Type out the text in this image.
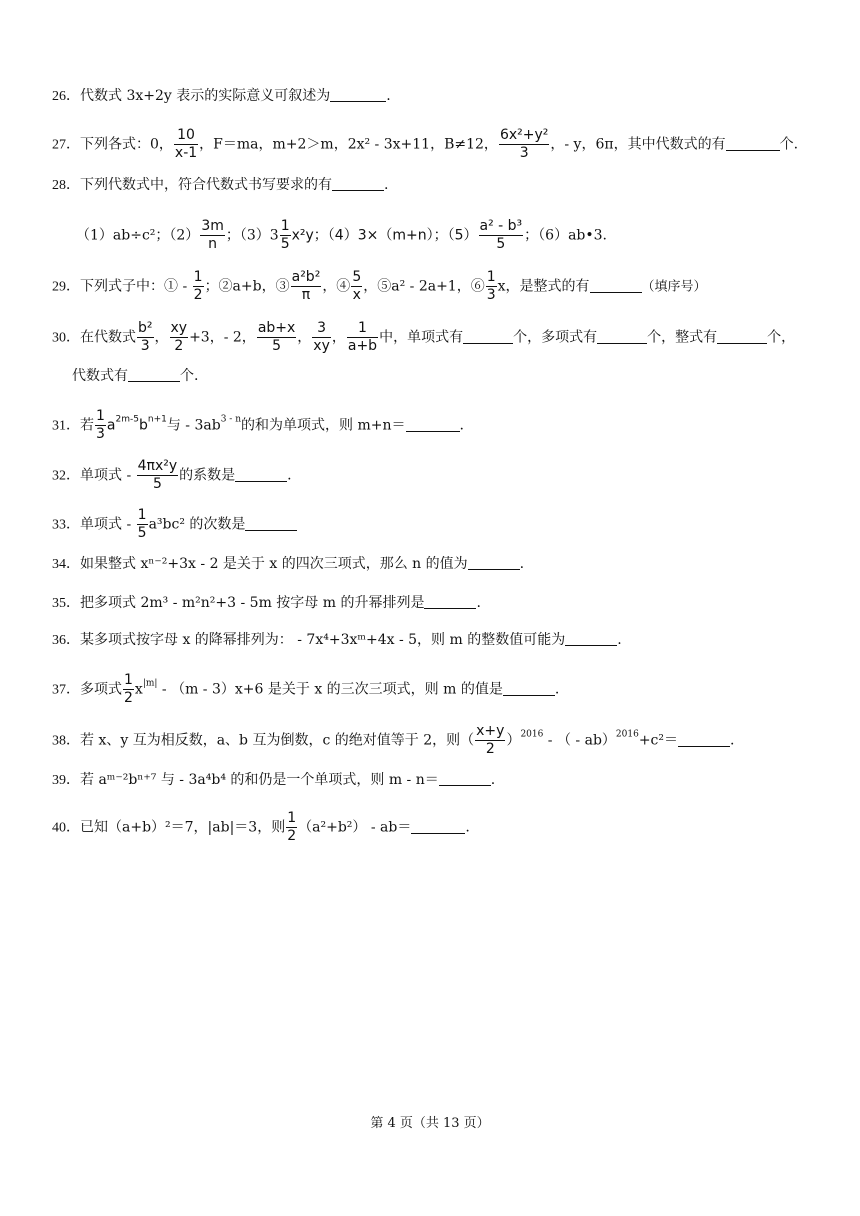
26．代数式 3x+2y 表示的实际意义可叙述为	.
27．下列各式：0， $\frac{10}{x-1}$ ，F＝ma，m+2＞m，2x² - 3x+11，B≠12， $\frac{\text{6x²+y²}}{3}$ ，- y，6π，其中代数式的有	个.
28．下列代数式中，符合代数式书写要求的有	.
（1）ab÷c²；$(2) \frac{3m}{n}$ ；$(3)3 \frac{1}{5} x^2y$；（4）3×（m+n）；$(5) \frac{\text{a² - b³}}{5}$ ；（6）ab•3.
29．下列式子中：① - $\frac{1}{2}$ ；②a+b，③ $\frac{\text{a²b²}}{\pi}$ ，④ $\frac{5}{x}$ ，⑤a² - 2a+1，⑥ $\frac{1}{3}$ x，是整式的有	（填序号）
30．在代数式 $\frac{\text{b²}}{3}$ ， $\frac{xy}{2} +3$，- 2， $\frac{ab+x}{5}$ ， $\frac{3}{xy}$ ， $\frac{1}{a+b}$ 中，单项式有	个，多项式有	个，整式有	个，
代数式有	个.
31．若 $\frac{1}{3} a^{2m-5}b^{n+1}$与 - $3ab^{3 - n}$的和为单项式，则 m+n＝	.
32．单项式 - $\frac{\text{4πx²y}}{5}$ 的系数是	.
33．单项式 - $\frac{1}{5} a^3bc^2$ 的次数是
34．如果整式 xⁿ⁻²+3x - 2 是关于 x 的四次三项式，那么 n 的值为	.
35．把多项式 2m³ - m²n²+3 - 5m 按字母 m 的升幂排列是	.
36．某多项式按字母 x 的降幂排列为： - 7x⁴+3xᵐ+4x - 5，则 m 的整数值可能为	.
37．多项式 $\frac{1}{2} x^{|m|} - (m - 3)x+6$ 是关于 x 的三次三项式，则 m 的值是	.
38．若 x、y 互为相反数，a、b 互为倒数，c 的绝对值等于 2，则（ $\frac{x+y}{2} )^{2016}$ - （ - ab）$^{2016}$+c²＝	.
39．若 aᵐ⁻²bⁿ⁺⁷ 与 - 3a⁴b⁴ 的和仍是一个单项式，则 m - n＝	.
40．已知（a+b）²＝7，|ab|＝3，则 $\frac{1}{2} (a^2+b^2) - ab=$	.
第 4 页（共 13 页）
